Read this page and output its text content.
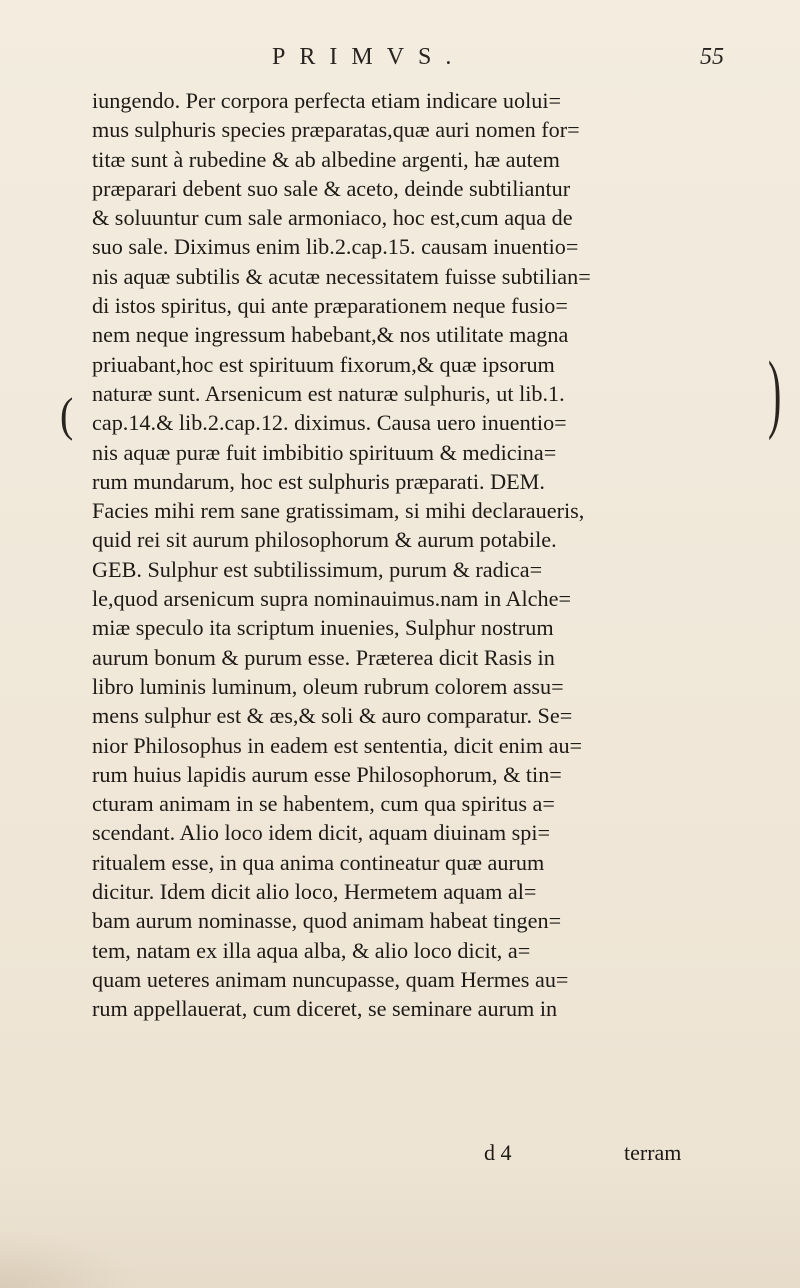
PRIMVS.	55
iungendo. Per corpora perfecta etiam indicare uolui=
mus sulphuris species præparatas,quæ auri nomen for=
titæ sunt à rubedine & ab albedine argenti, hæ autem
præparari debent suo sale & aceto, deinde subtiliantur
& soluuntur cum sale armoniaco, hoc est,cum aqua de
suo sale. Diximus enim lib.2.cap.15. causam inuentio=
nis aquæ subtilis & acutæ necessitatem fuisse subtilian=
di istos spiritus, qui ante præparationem neque fusio=
nem neque ingressum habebant,& nos utilitate magna
priuabant,hoc est spirituum fixorum,& quæ ipsorum
naturæ sunt. Arsenicum est naturæ sulphuris, ut lib.1.
cap.14.& lib.2.cap.12. diximus. Causa uero inuentio=
nis aquæ puræ fuit imbibitio spirituum & medicina=
rum mundarum, hoc est sulphuris præparati. DEM.
Facies mihi rem sane gratissimam, si mihi declaraueris,
quid rei sit aurum philosophorum & aurum potabile.
GEB. Sulphur est subtilissimum, purum & radica=
le,quod arsenicum supra nominauimus.nam in Alche=
miæ speculo ita scriptum inuenies, Sulphur nostrum
aurum bonum & purum esse. Præterea dicit Rasis in
libro luminis luminum, oleum rubrum colorem assu=
mens sulphur est & æs,& soli & auro comparatur. Se=
nior Philosophus in eadem est sententia, dicit enim au=
rum huius lapidis aurum esse Philosophorum, & tin=
cturam animam in se habentem, cum qua spiritus a=
scendant. Alio loco idem dicit, aquam diuinam spi=
ritualem esse, in qua anima contineatur quæ aurum
dicitur. Idem dicit alio loco, Hermetem aquam al=
bam aurum nominasse, quod animam habeat tingen=
tem, natam ex illa aqua alba, & alio loco dicit, a=
quam ueteres animam nuncupasse, quam Hermes au=
rum appellauerat, cum diceret, se seminare aurum in
)
(
d 4	terram
